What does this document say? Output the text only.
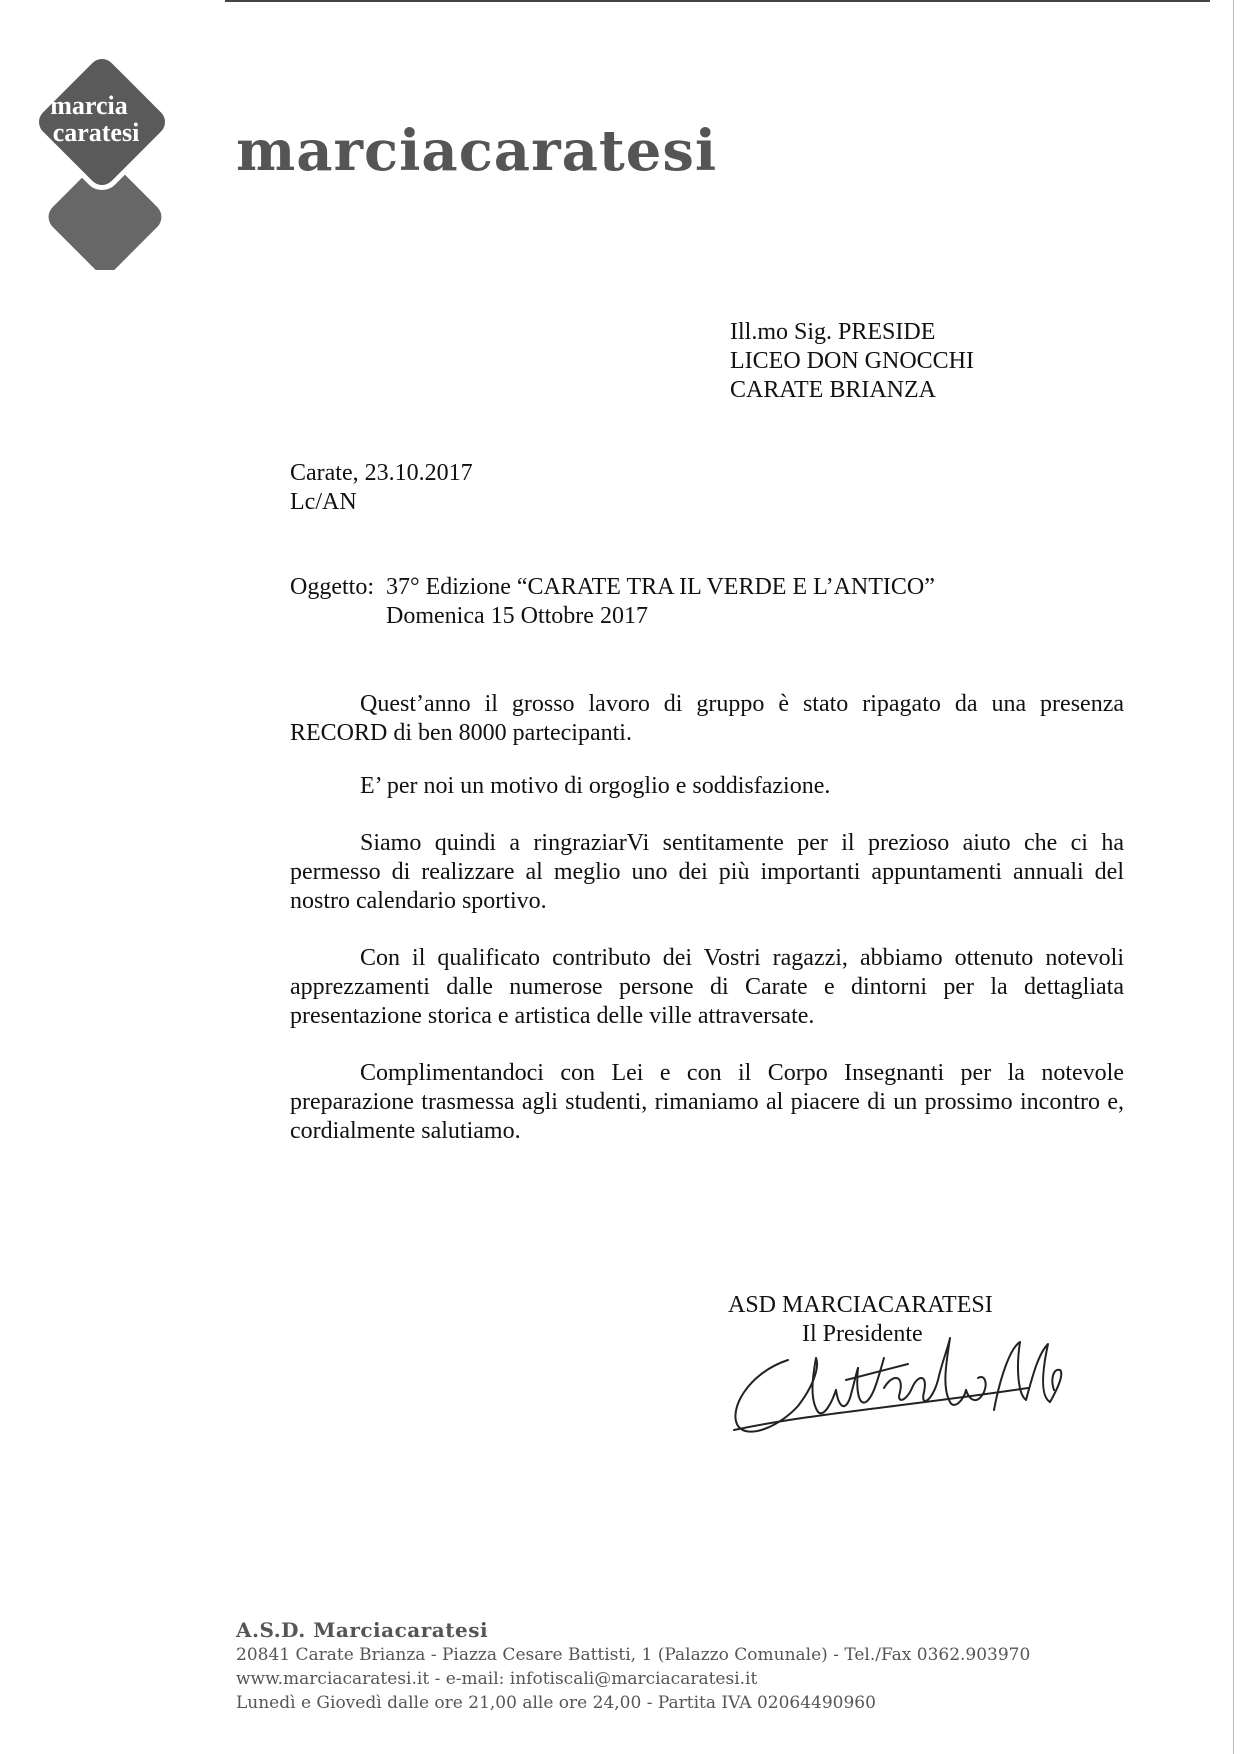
marcia
caratesi marciacaratesi
Ill.mo Sig. PRESIDE
LICEO DON GNOCCHI
CARATE BRIANZA
Carate, 23.10.2017
Lc/AN
Oggetto: 37° Edizione “CARATE TRA IL VERDE E L’ANTICO”
Domenica 15 Ottobre 2017

Quest’anno il grosso lavoro di gruppo è stato ripagato da una presenza RECORD di ben 8000 partecipanti.

E’ per noi un motivo di orgoglio e soddisfazione.

Siamo quindi a ringraziarVi sentitamente per il prezioso aiuto che ci ha permesso di realizzare al meglio uno dei più importanti appuntamenti annuali del nostro calendario sportivo.

Con il qualificato contributo dei Vostri ragazzi, abbiamo ottenuto notevoli apprezzamenti dalle numerose persone di Carate e dintorni per la dettagliata presentazione storica e artistica delle ville attraversate.

Complimentandoci con Lei e con il Corpo Insegnanti per la notevole preparazione trasmessa agli studenti, rimaniamo al piacere di un prossimo incontro e, cordialmente salutiamo.

ASD MARCIACARATESI
Il Presidente
A.S.D. Marciacaratesi
20841 Carate Brianza - Piazza Cesare Battisti, 1 (Palazzo Comunale) - Tel./Fax 0362.903970
www.marciacaratesi.it - e-mail: infotiscali@marciacaratesi.it
Lunedì e Giovedì dalle ore 21,00 alle ore 24,00 - Partita IVA 02064490960
